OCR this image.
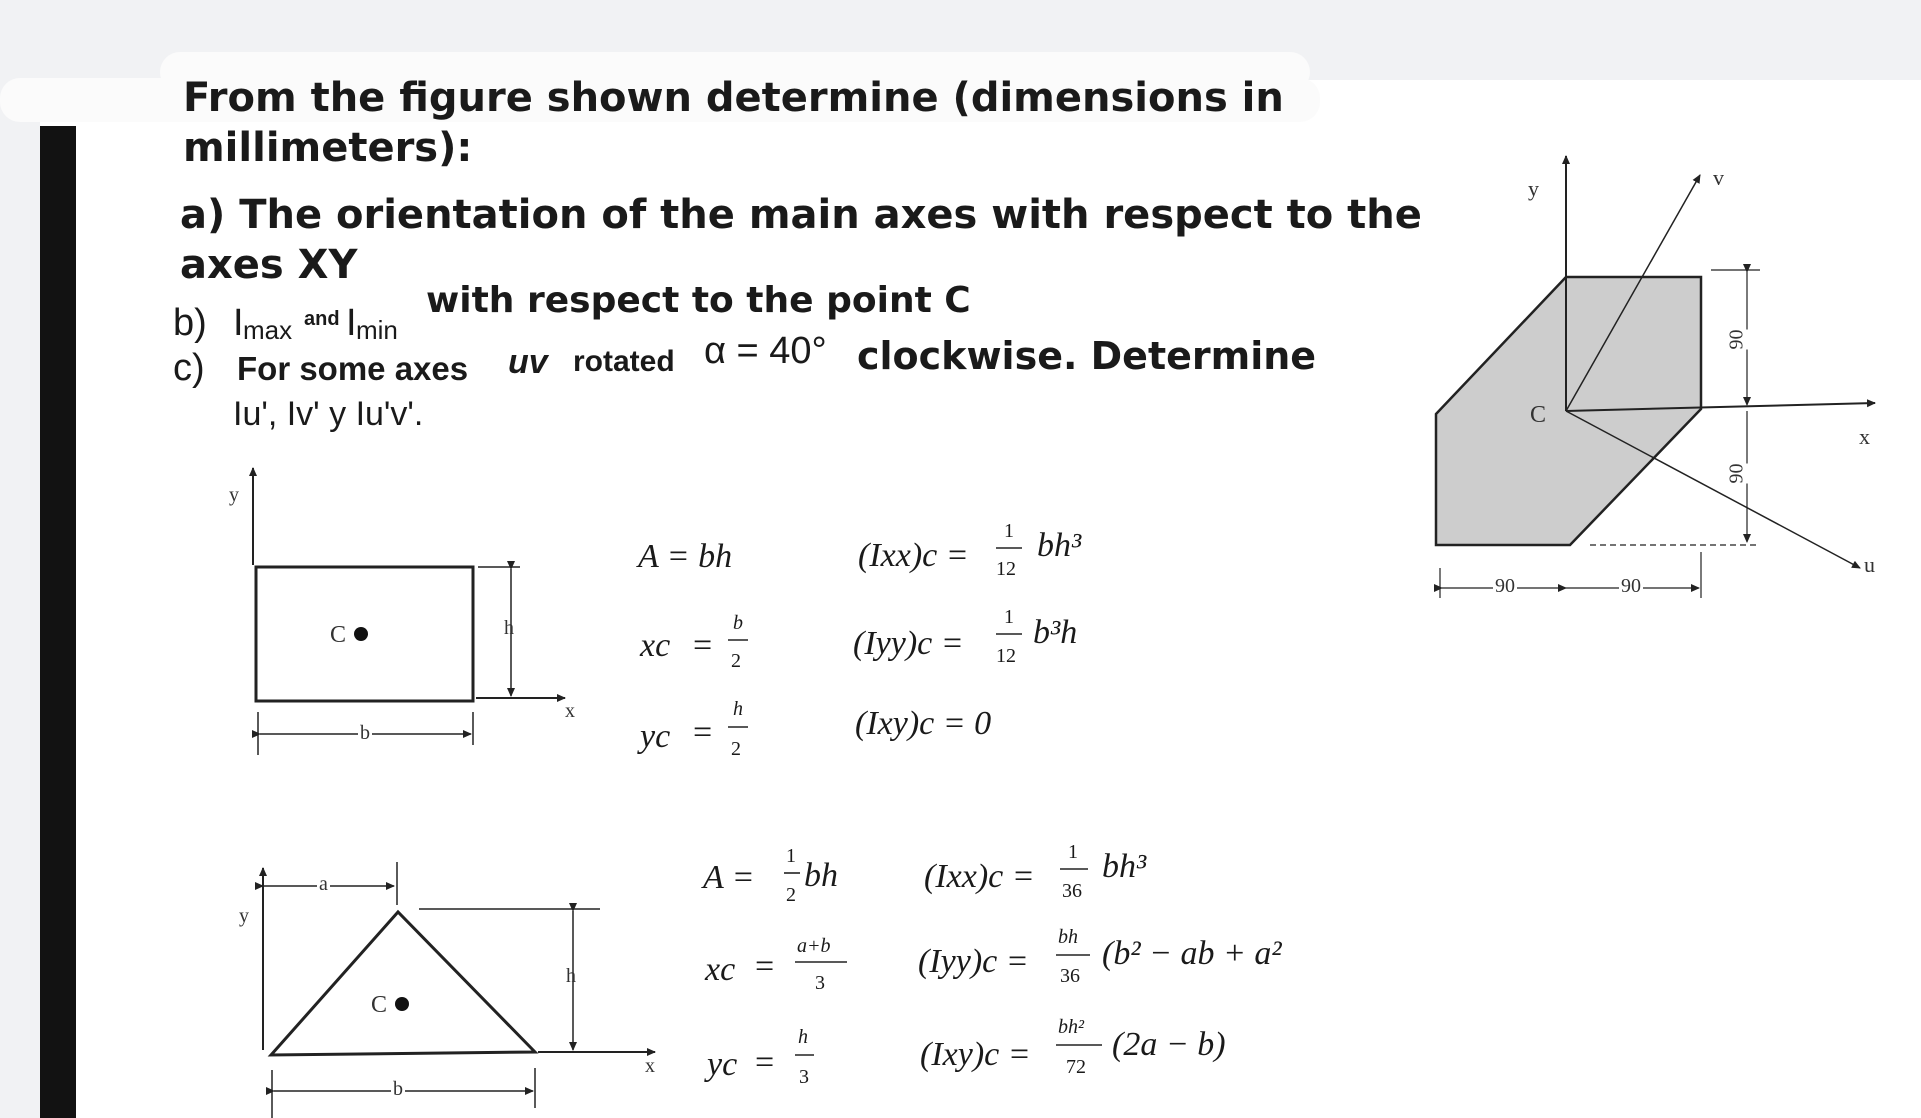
From the figure shown determine (dimensions in
millimeters):
a) The orientation of the main axes with respect to the
axes XY
b) I max and I min
with respect to the point C
c) For some axes uv rotated α = 40° clockwise. Determine
Iu', Iv' y Iu'v'.
y
C	h
x
b
A = bh
xc =
b
2
yc =
h
2
(Ixx)c =
1
12
bh³
(Iyy)c =
1
12
b³h
(Ixy)c = 0
a
y
C
h
x
b
A =
1
2
bh
xc =
a+b
3
yc =
h
3
(Ixx)c =
1
36
bh³
(Iyy)c =
bh
36
(b² − ab + a²
(Ixy)c =
bh²
72
(2a − b)
y	v
C
x
u
90
90
90	90
